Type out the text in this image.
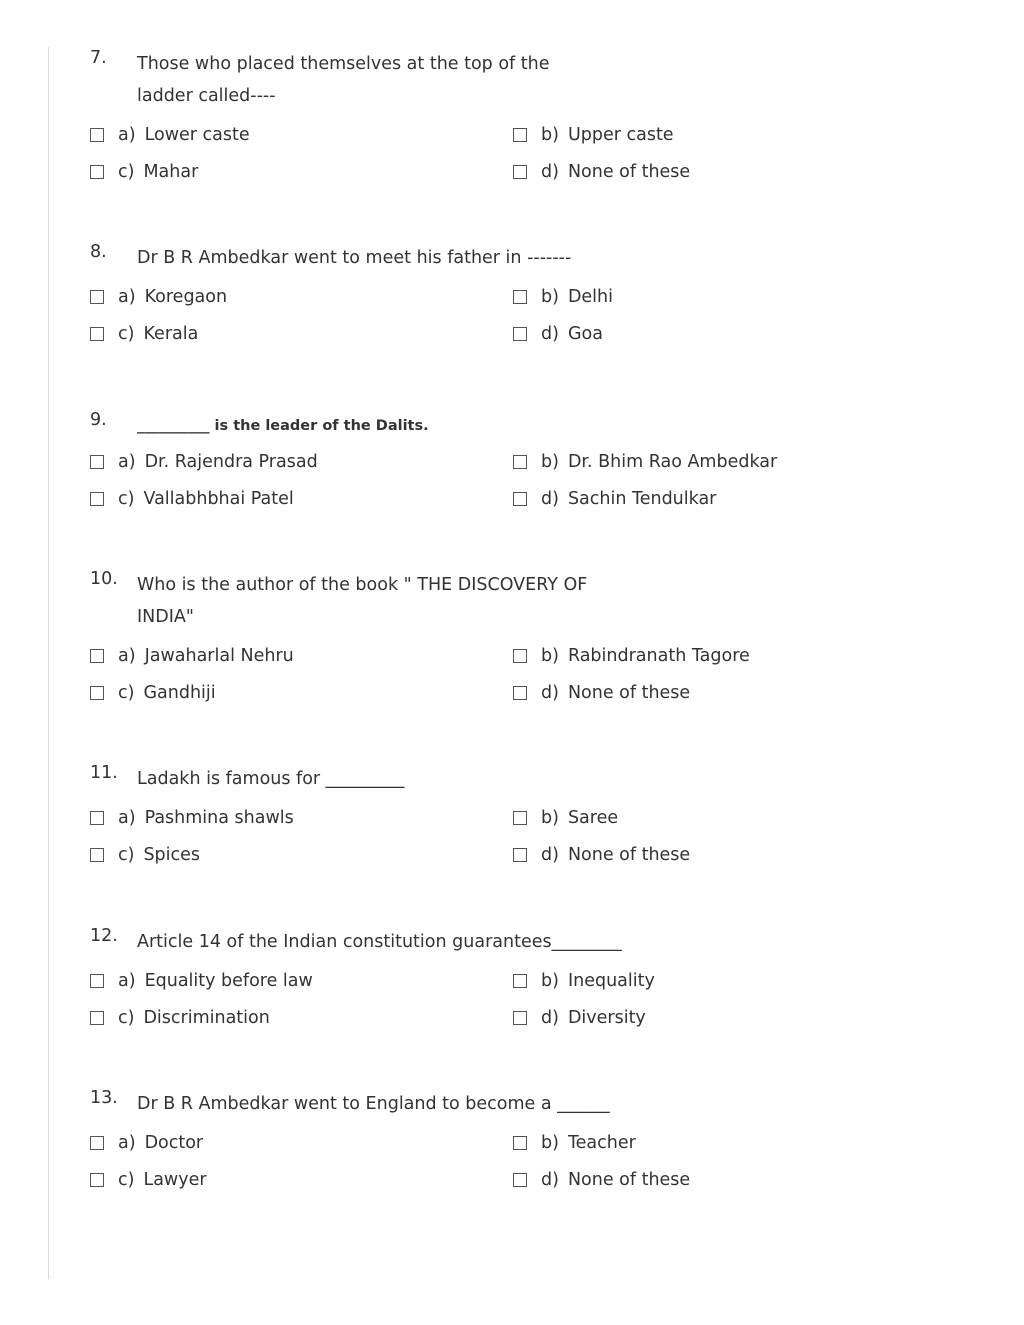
7. Those who placed themselves at the top of the ladder called----
a) Lower caste	b) Upper caste
c) Mahar	d) None of these
8. Dr B R Ambedkar went to meet his father in -------
a) Koregaon	b) Delhi
c) Kerala	d) Goa
9. __________ is the leader of the Dalits.
a) Dr. Rajendra Prasad	b) Dr. Bhim Rao Ambedkar
c) Vallabhbhai Patel	d) Sachin Tendulkar
10. Who is the author of the book " THE DISCOVERY OF INDIA"
a) Jawaharlal Nehru	b) Rabindranath Tagore
c) Gandhiji	d) None of these
11. Ladakh is famous for _________
a) Pashmina shawls	b) Saree
c) Spices	d) None of these
12. Article 14 of the Indian constitution guarantees________
a) Equality before law	b) Inequality
c) Discrimination	d) Diversity
13. Dr B R Ambedkar went to England to become a ______
a) Doctor	b) Teacher
c) Lawyer	d) None of these
